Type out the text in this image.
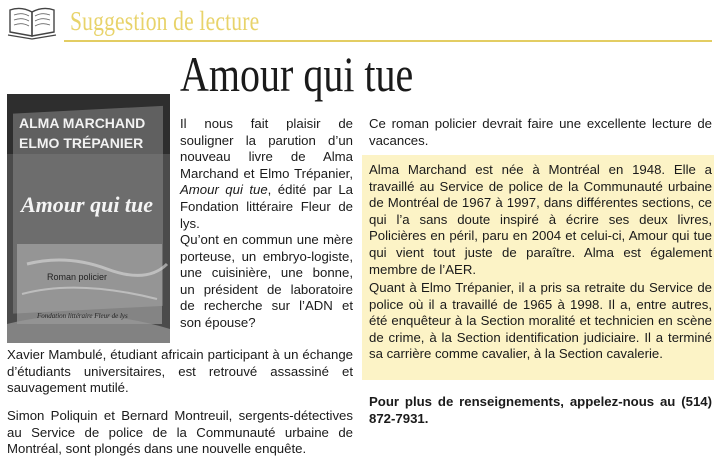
Suggestion de lecture
Amour qui tue
ALMA MARCHAND
ELMO TRÉPANIER
Amour qui tue
Roman policier
Fondation littéraire Fleur de lys

Il nous fait plaisir de souligner la parution d’un nouveau livre de Alma Marchand et Elmo Trépanier, Amour qui tue, édité par La Fondation littéraire Fleur de lys.

Qu’ont en commun une mère porteuse, un embryo-logiste, une cuisinière, une bonne, un président de laboratoire de recherche sur l’ADN et son épouse?

Xavier Mambulé, étudiant africain participant à un échange d’étudiants universitaires, est retrouvé assassiné et sauvagement mutilé.

Simon Poliquin et Bernard Montreuil, sergents-détectives au Service de police de la Communauté urbaine de Montréal, sont plongés dans une nouvelle enquête.

Ce roman policier devrait faire une excellente lecture de vacances.

Alma Marchand est née à Montréal en 1948. Elle a travaillé au Service de police de la Communauté urbaine de Montréal de 1967 à 1997, dans différentes sections, ce qui l’a sans doute inspiré à écrire ses deux livres, Policières en péril, paru en 2004 et celui-ci, Amour qui tue qui vient tout juste de paraître. Alma est également membre de l’AER.

Quant à Elmo Trépanier, il a pris sa retraite du Service de police où il a travaillé de 1965 à 1998. Il a, entre autres, été enquêteur à la Section moralité et technicien en scène de crime, à la Section identification judiciaire. Il a terminé sa carrière comme cavalier, à la Section cavalerie.

Pour plus de renseignements, appelez-nous au (514) 872-7931.
